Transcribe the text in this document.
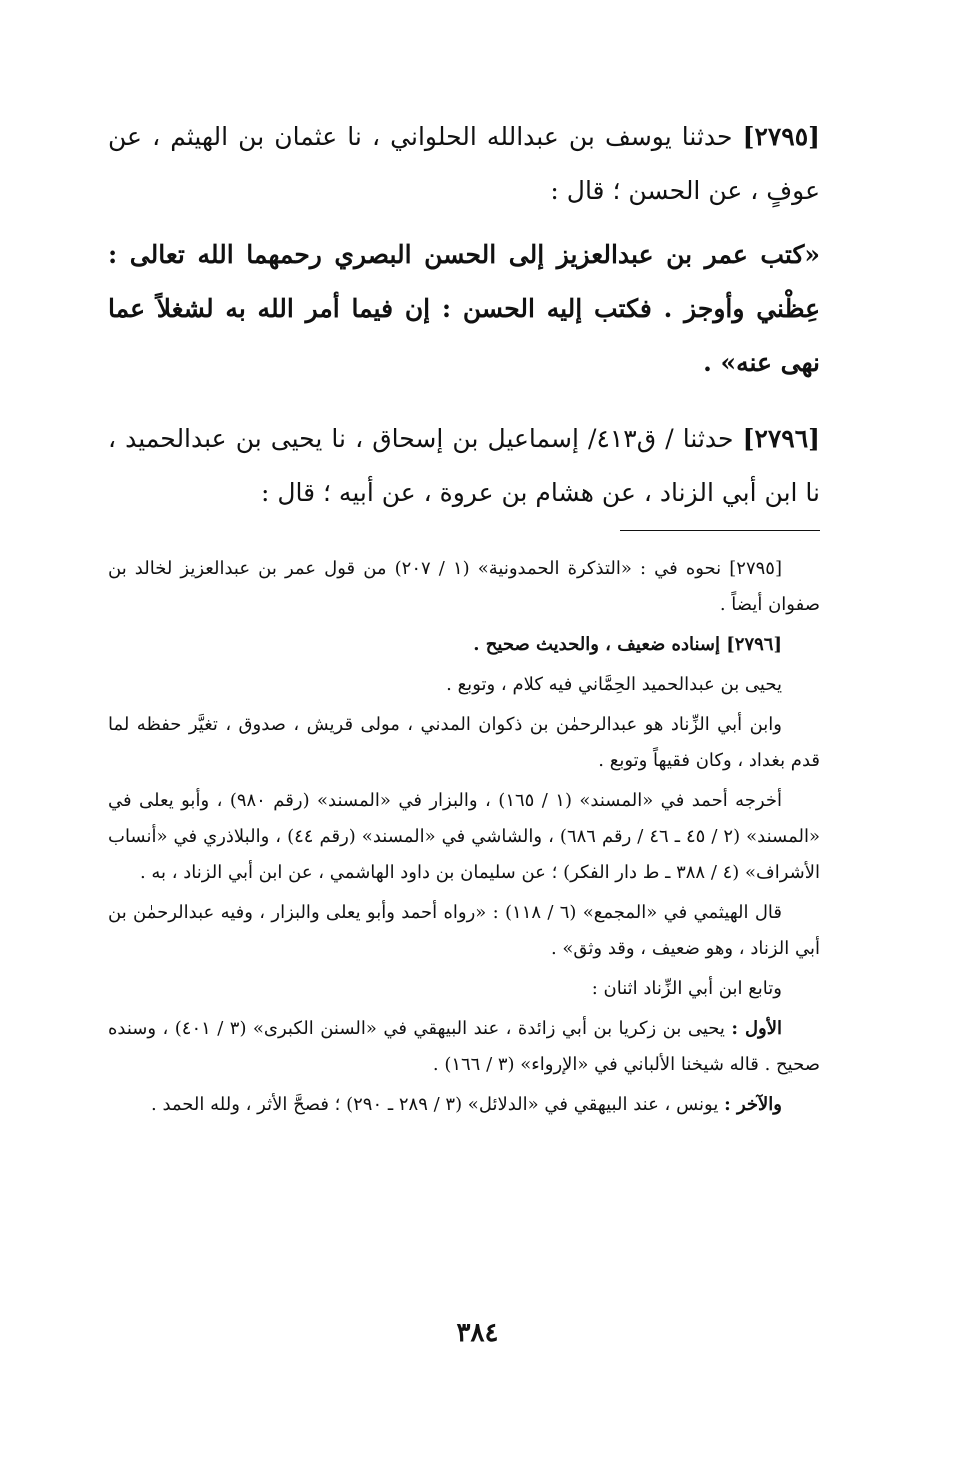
[٢٧٩٥] حدثنا يوسف بن عبدالله الحلواني ، نا عثمان بن الهيثم ، عن عوفٍ ، عن الحسن ؛ قال :

«كتب عمر بن عبدالعزيز إلى الحسن البصري رحمهما الله تعالى : عِظْني وأوجز . فكتب إليه الحسن : إن فيما أمر الله به لشغلاً عما نهى عنه» .

[٢٧٩٦] حدثنا / ق٤١٣/ إسماعيل بن إسحاق ، نا يحيى بن عبدالحميد ، نا ابن أبي الزناد ، عن هشام بن عروة ، عن أبيه ؛ قال :

[٢٧٩٥] نحوه في : «التذكرة الحمدونية» (١ / ٢٠٧) من قول عمر بن عبدالعزيز لخالد بن صفوان أيضاً .

[٢٧٩٦] إسناده ضعيف ، والحديث صحيح .

يحيى بن عبدالحميد الحِمَّاني فيه كلام ، وتوبع .

وابن أبي الزِّناد هو عبدالرحمٰن بن ذكوان المدني ، مولى قريش ، صدوق ، تغيَّر حفظه لما قدم بغداد ، وكان فقيهاً وتوبع .

أخرجه أحمد في «المسند» (١ / ١٦٥) ، والبزار في «المسند» (رقم ٩٨٠) ، وأبو يعلى في «المسند» (٢ / ٤٥ ـ ٤٦ / رقم ٦٨٦) ، والشاشي في «المسند» (رقم ٤٤) ، والبلاذري في «أنساب الأشراف» (٤ / ٣٨٨ ـ ط دار الفكر) ؛ عن سليمان بن داود الهاشمي ، عن ابن أبي الزناد ، به .

قال الهيثمي في «المجمع» (٦ / ١١٨) : «رواه أحمد وأبو يعلى والبزار ، وفيه عبدالرحمٰن بن أبي الزناد ، وهو ضعيف ، وقد وثق» .

وتابع ابن أبي الزِّناد اثنان :

الأول : يحيى بن زكريا بن أبي زائدة ، عند البيهقي في «السنن الكبرى» (٣ / ٤٠١) ، وسنده صحيح . قاله شيخنا الألباني في «الإرواء» (٣ / ١٦٦) .

والآخر : يونس ، عند البيهقي في «الدلائل» (٣ / ٢٨٩ ـ ٢٩٠) ؛ فصحَّ الأثر ، ولله الحمد .

٣٨٤
